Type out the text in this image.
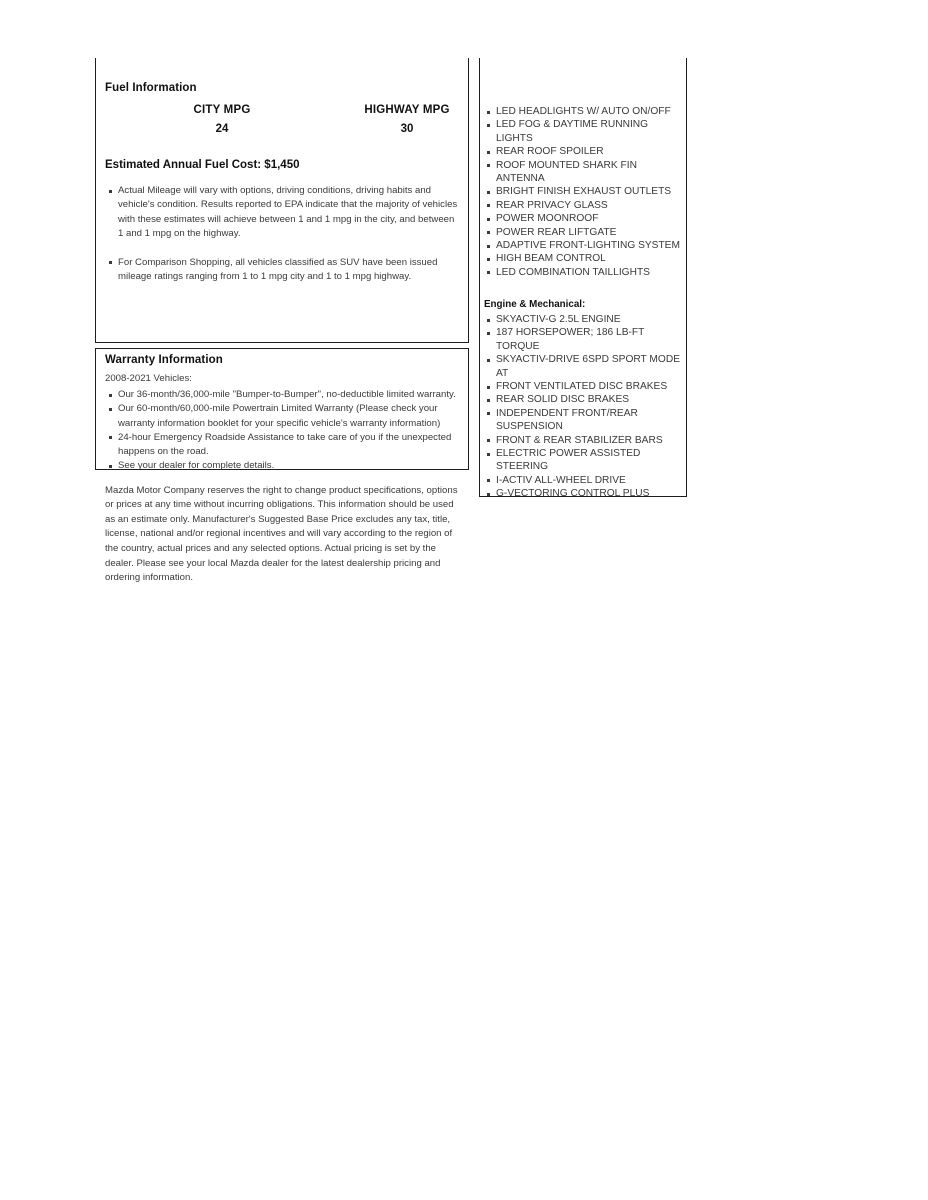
Fuel Information
CITY MPG
24
HIGHWAY MPG
30
Estimated Annual Fuel Cost: $1,450
Actual Mileage will vary with options, driving conditions, driving habits and vehicle's condition. Results reported to EPA indicate that the majority of vehicles with these estimates will achieve between 1 and 1 mpg in the city, and between 1 and 1 mpg on the highway.
For Comparison Shopping, all vehicles classified as SUV have been issued mileage ratings ranging from 1 to 1 mpg city and 1 to 1 mpg highway.
Warranty Information
2008-2021 Vehicles:
Our 36-month/36,000-mile "Bumper-to-Bumper", no-deductible limited warranty.
Our 60-month/60,000-mile Powertrain Limited Warranty (Please check your warranty information booklet for your specific vehicle's warranty information)
24-hour Emergency Roadside Assistance to take care of you if the unexpected happens on the road.
See your dealer for complete details.

Mazda Motor Company reserves the right to change product specifications, options or prices at any time without incurring obligations. This information should be used as an estimate only. Manufacturer's Suggested Base Price excludes any tax, title, license, national and/or regional incentives and will vary according to the region of the country, actual prices and any selected options. Actual pricing is set by the dealer. Please see your local Mazda dealer for the latest dealership pricing and ordering information.

LED HEADLIGHTS W/ AUTO ON/OFF
LED FOG & DAYTIME RUNNING LIGHTS
REAR ROOF SPOILER
ROOF MOUNTED SHARK FIN ANTENNA
BRIGHT FINISH EXHAUST OUTLETS
REAR PRIVACY GLASS
POWER MOONROOF
POWER REAR LIFTGATE
ADAPTIVE FRONT-LIGHTING SYSTEM
HIGH BEAM CONTROL
LED COMBINATION TAILLIGHTS
Engine & Mechanical:
SKYACTIV-G 2.5L ENGINE
187 HORSEPOWER; 186 LB-FT TORQUE
SKYACTIV-DRIVE 6SPD SPORT MODE AT
FRONT VENTILATED DISC BRAKES
REAR SOLID DISC BRAKES
INDEPENDENT FRONT/REAR SUSPENSION
FRONT & REAR STABILIZER BARS
ELECTRIC POWER ASSISTED STEERING
I-ACTIV ALL-WHEEL DRIVE
G-VECTORING CONTROL PLUS
